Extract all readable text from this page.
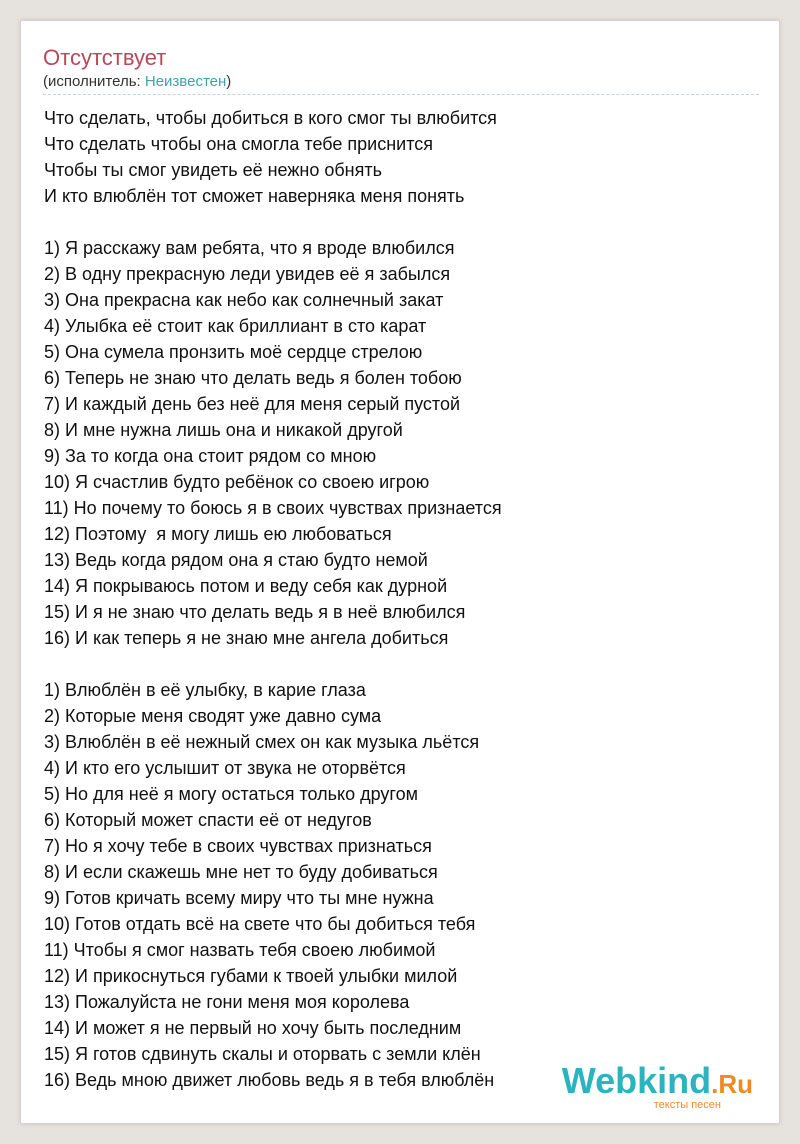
Отсутствует
(исполнитель: Неизвестен)
Что сделать, чтобы добиться в кого смог ты влюбится
Что сделать чтобы она смогла тебе приснится
Чтобы ты смог увидеть её нежно обнять
И кто влюблён тот сможет наверняка меня понять
1) Я расскажу вам ребята, что я вроде влюбился
2) В одну прекрасную леди увидев её я забылся
3) Она прекрасна как небо как солнечный закат
4) Улыбка её стоит как бриллиант в сто карат
5) Она сумела пронзить моё сердце стрелою
6) Теперь не знаю что делать ведь я болен тобою
7) И каждый день без неё для меня серый пустой
8) И мне нужна лишь она и никакой другой
9) За то когда она стоит рядом со мною
10) Я счастлив будто ребёнок со своею игрою
11) Но почему то боюсь я в своих чувствах признается
12) Поэтому  я могу лишь ею любоваться
13) Ведь когда рядом она я стаю будто немой
14) Я покрываюсь потом и веду себя как дурной
15) И я не знаю что делать ведь я в неё влюбился
16) И как теперь я не знаю мне ангела добиться
1) Влюблён в её улыбку, в карие глаза
2) Которые меня сводят уже давно сума
3) Влюблён в её нежный смех он как музыка льётся
4) И кто его услышит от звука не оторвётся
5) Но для неё я могу остаться только другом
6) Который может спасти её от недугов
7) Но я хочу тебе в своих чувствах признаться
8) И если скажешь мне нет то буду добиваться
9) Готов кричать всему миру что ты мне нужна
10) Готов отдать всё на свете что бы добиться тебя
11) Чтобы я смог назвать тебя своею любимой
12) И прикоснуться губами к твоей улыбки милой
13) Пожалуйста не гони меня моя королева
14) И может я не первый но хочу быть последним
15) Я готов сдвинуть скалы и оторвать с земли клён
16) Ведь мною движет любовь ведь я в тебя влюблён Webkind.Ru
тексты песен
